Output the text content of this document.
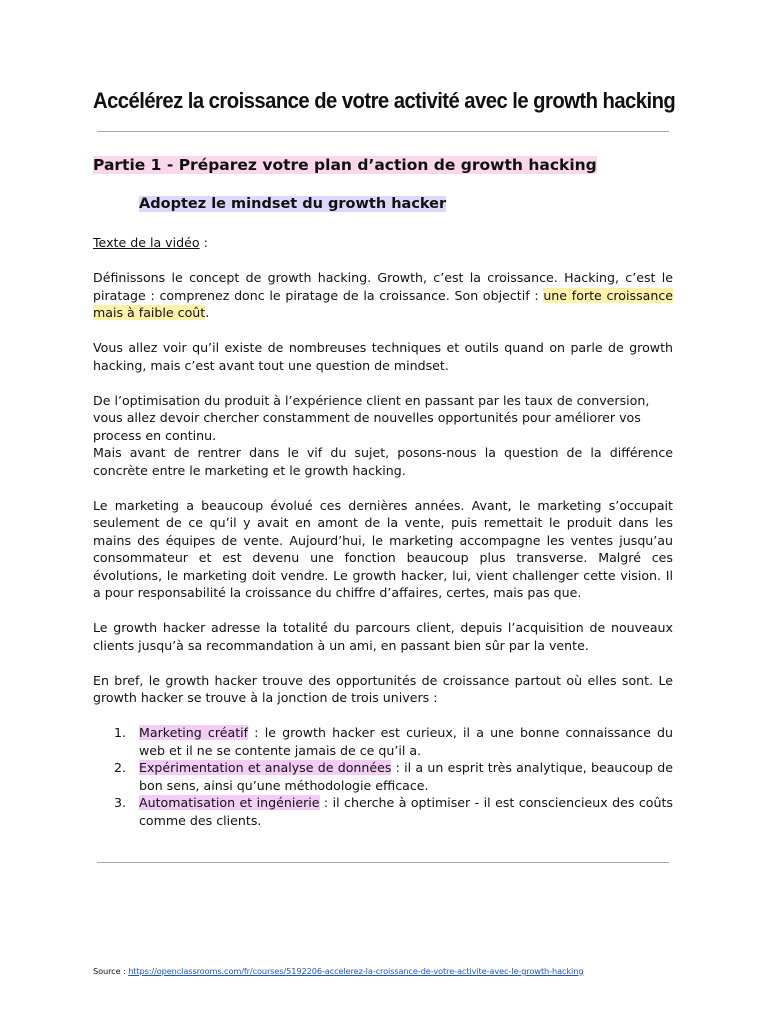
Accélérez la croissance de votre activité avec le growth hacking
Partie 1 - Préparez votre plan d’action de growth hacking
Adoptez le mindset du growth hacker

Texte de la vidéo :

Définissons le concept de growth hacking. Growth, c’est la croissance. Hacking, c’est le piratage : comprenez donc le piratage de la croissance. Son objectif : une forte croissance mais à faible coût.

Vous allez voir qu’il existe de nombreuses techniques et outils quand on parle de growth hacking, mais c’est avant tout une question de mindset.

De l’optimisation du produit à l’expérience client en passant par les taux de conversion, vous allez devoir chercher constamment de nouvelles opportunités pour améliorer vos process en continu.

Mais avant de rentrer dans le vif du sujet, posons-nous la question de la différence concrète entre le marketing et le growth hacking.

Le marketing a beaucoup évolué ces dernières années. Avant, le marketing s’occupait seulement de ce qu’il y avait en amont de la vente, puis remettait le produit dans les mains des équipes de vente. Aujourd’hui, le marketing accompagne les ventes jusqu’au consommateur et est devenu une fonction beaucoup plus transverse. Malgré ces évolutions, le marketing doit vendre. Le growth hacker, lui, vient challenger cette vision. Il a pour responsabilité la croissance du chiffre d’affaires, certes, mais pas que.

Le growth hacker adresse la totalité du parcours client, depuis l’acquisition de nouveaux clients jusqu’à sa recommandation à un ami, en passant bien sûr par la vente.

En bref, le growth hacker trouve des opportunités de croissance partout où elles sont. Le growth hacker se trouve à la jonction de trois univers :

1. Marketing créatif : le growth hacker est curieux, il a une bonne connaissance du web et il ne se contente jamais de ce qu’il a.
2. Expérimentation et analyse de données : il a un esprit très analytique, beaucoup de bon sens, ainsi qu’une méthodologie efficace.
3. Automatisation et ingénierie : il cherche à optimiser - il est consciencieux des coûts comme des clients.
Source : https://openclassrooms.com/fr/courses/5192206-accelerez-la-croissance-de-votre-activite-avec-le-growth-hacking
